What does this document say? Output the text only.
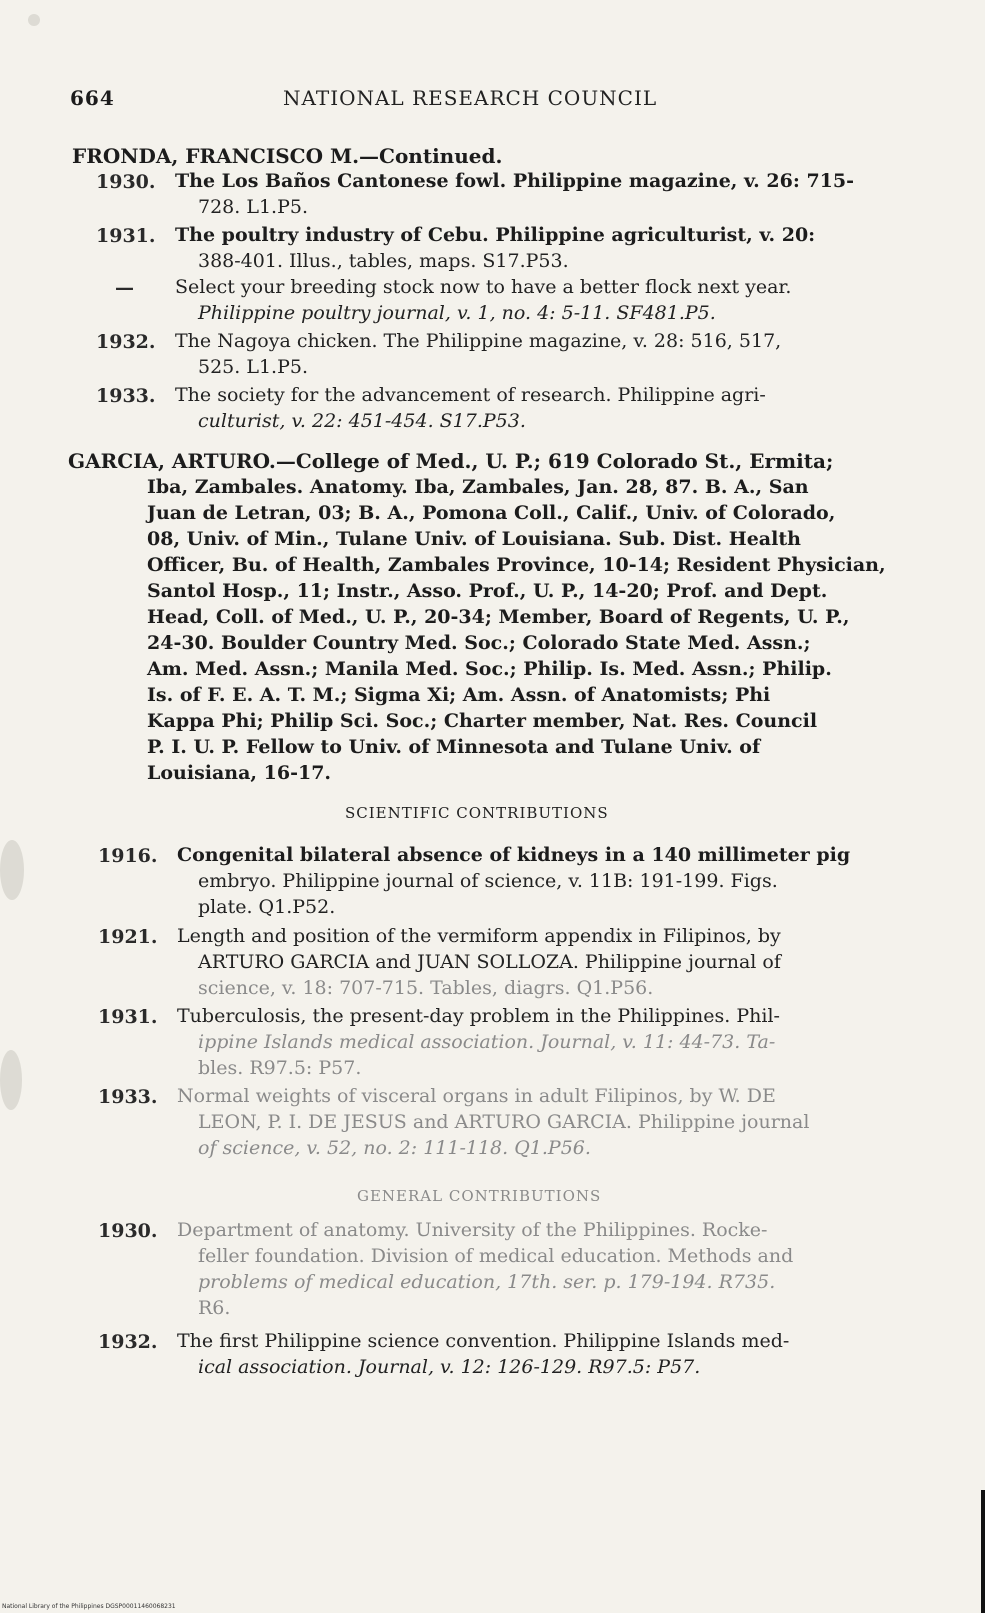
664	NATIONAL RESEARCH COUNCIL
FRONDA, FRANCISCO M.—Continued.
1930. The Los Baños Cantonese fowl. Philippine magazine, v. 26: 715-
728. L1.P5.
1931. The poultry industry of Cebu. Philippine agriculturist, v. 20:
388-401. Illus., tables, maps. S17.P53.
— Select your breeding stock now to have a better flock next year.
Philippine poultry journal, v. 1, no. 4: 5-11. SF481.P5.
1932. The Nagoya chicken. The Philippine magazine, v. 28: 516, 517,
525. L1.P5.
1933. The society for the advancement of research. Philippine agri-
culturist, v. 22: 451-454. S17.P53.
GARCIA, ARTURO.—College of Med., U. P.; 619 Colorado St., Ermita;
Iba, Zambales. Anatomy. Iba, Zambales, Jan. 28, 87. B. A., San
Juan de Letran, 03; B. A., Pomona Coll., Calif., Univ. of Colorado,
08, Univ. of Min., Tulane Univ. of Louisiana. Sub. Dist. Health
Officer, Bu. of Health, Zambales Province, 10-14; Resident Physician,
Santol Hosp., 11; Instr., Asso. Prof., U. P., 14-20; Prof. and Dept.
Head, Coll. of Med., U. P., 20-34; Member, Board of Regents, U. P.,
24-30. Boulder Country Med. Soc.; Colorado State Med. Assn.;
Am. Med. Assn.; Manila Med. Soc.; Philip. Is. Med. Assn.; Philip.
Is. of F. E. A. T. M.; Sigma Xi; Am. Assn. of Anatomists; Phi
Kappa Phi; Philip Sci. Soc.; Charter member, Nat. Res. Council
P. I. U. P. Fellow to Univ. of Minnesota and Tulane Univ. of
Louisiana, 16-17.
SCIENTIFIC CONTRIBUTIONS
1916. Congenital bilateral absence of kidneys in a 140 millimeter pig
embryo. Philippine journal of science, v. 11B: 191-199. Figs.
plate. Q1.P52.
1921. Length and position of the vermiform appendix in Filipinos, by
ARTURO GARCIA and JUAN SOLLOZA. Philippine journal of
science, v. 18: 707-715. Tables, diagrs. Q1.P56.
1931. Tuberculosis, the present-day problem in the Philippines. Phil-
ippine Islands medical association. Journal, v. 11: 44-73. Ta-
bles. R97.5: P57.
1933. Normal weights of visceral organs in adult Filipinos, by W. DE
LEON, P. I. DE JESUS and ARTURO GARCIA. Philippine journal
of science, v. 52, no. 2: 111-118. Q1.P56.
GENERAL CONTRIBUTIONS
1930. Department of anatomy. University of the Philippines. Rocke-
feller foundation. Division of medical education. Methods and
problems of medical education, 17th. ser. p. 179-194. R735.
R6.
1932. The first Philippine science convention. Philippine Islands med-
ical association. Journal, v. 12: 126-129. R97.5: P57.
National Library of the Philippines DGSP00011460068231
